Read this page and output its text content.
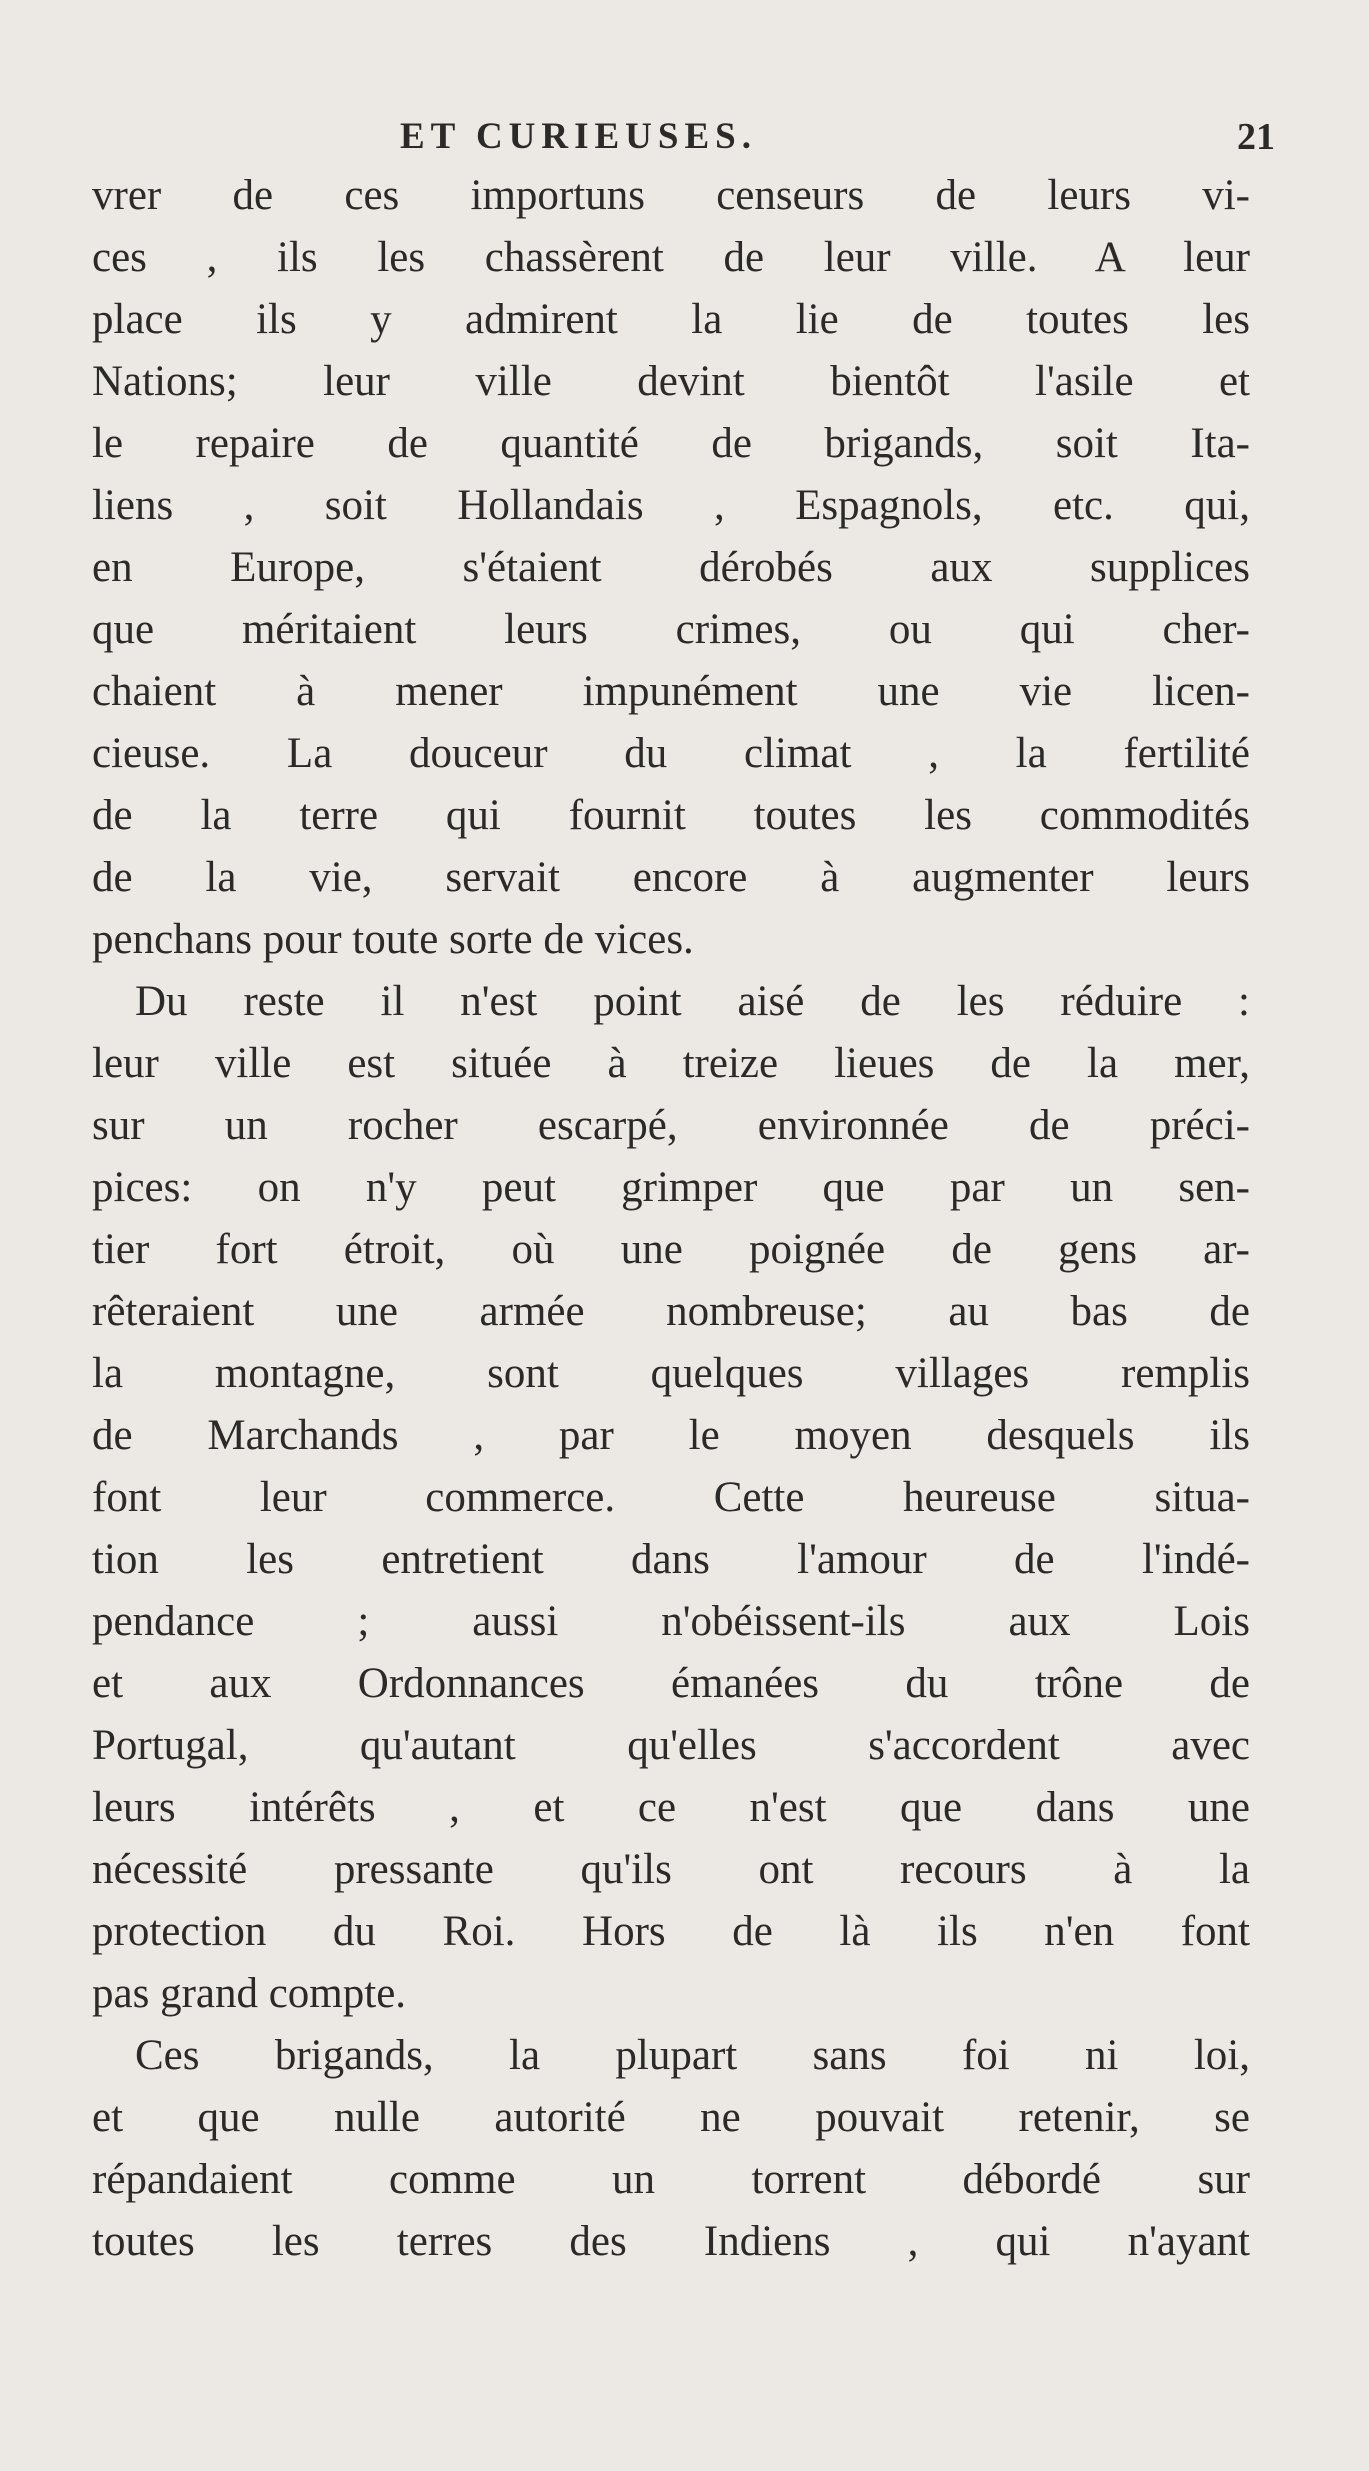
ET CURIEUSES.	21
vrer de ces importuns censeurs de leurs vi-
ces , ils les chassèrent de leur ville. A leur
place ils y admirent la lie de toutes les
Nations; leur ville devint bientôt l'asile et
le repaire de quantité de brigands, soit Ita-
liens , soit Hollandais , Espagnols, etc. qui,
en Europe, s'étaient dérobés aux supplices
que méritaient leurs crimes, ou qui cher-
chaient à mener impunément une vie licen-
cieuse. La douceur du climat , la fertilité
de la terre qui fournit toutes les commodités
de la vie, servait encore à augmenter leurs
penchans pour toute sorte de vices.
Du reste il n'est point aisé de les réduire :
leur ville est située à treize lieues de la mer,
sur un rocher escarpé, environnée de préci-
pices: on n'y peut grimper que par un sen-
tier fort étroit, où une poignée de gens ar-
rêteraient une armée nombreuse; au bas de
la montagne, sont quelques villages remplis
de Marchands , par le moyen desquels ils
font leur commerce. Cette heureuse situa-
tion les entretient dans l'amour de l'indé-
pendance ; aussi n'obéissent-ils aux Lois
et aux Ordonnances émanées du trône de
Portugal, qu'autant qu'elles s'accordent avec
leurs intérêts , et ce n'est que dans une
nécessité pressante qu'ils ont recours à la
protection du Roi. Hors de là ils n'en font
pas grand compte.
Ces brigands, la plupart sans foi ni loi,
et que nulle autorité ne pouvait retenir, se
répandaient comme un torrent débordé sur
toutes les terres des Indiens , qui n'ayant
